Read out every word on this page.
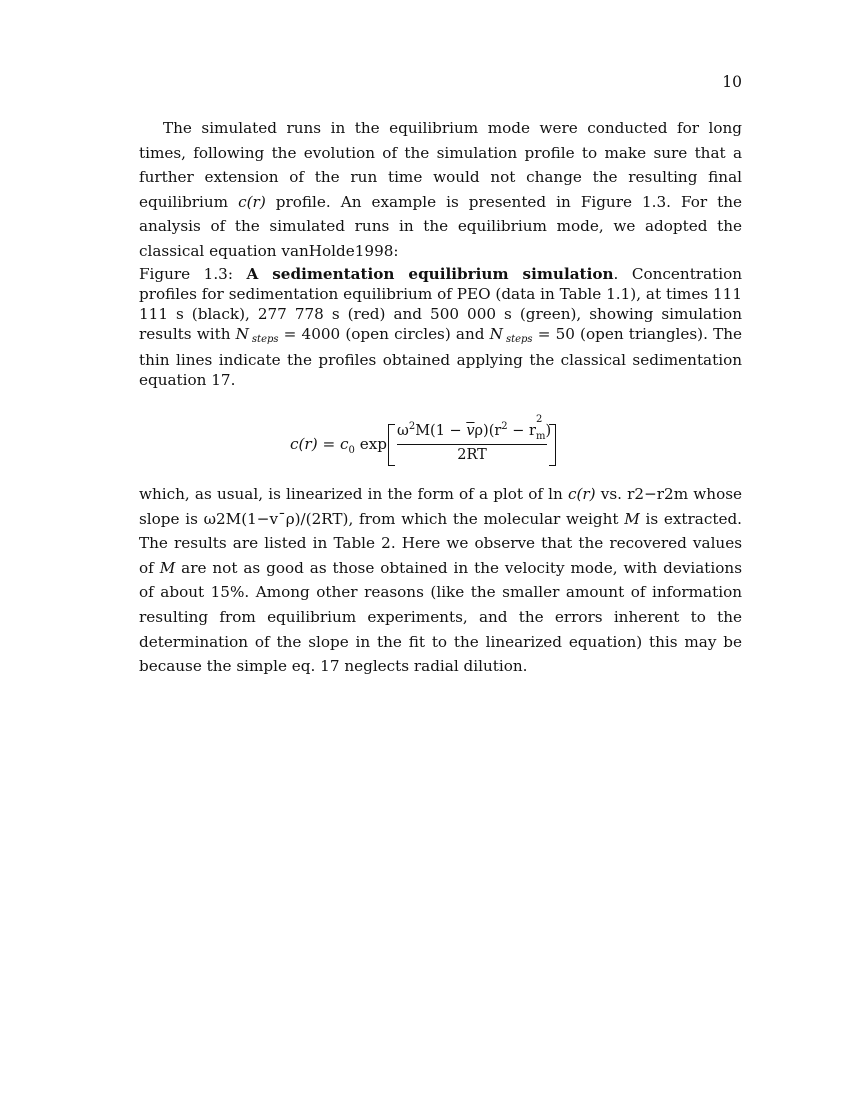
10

The simulated runs in the equilibrium mode were conducted for long times, following the evolution of the simulation profile to make sure that a further extension of the run time would not change the resulting final equilibrium c(r) profile. An example is presented in Figure 1.3. For the analysis of the simulated runs in the equilibrium mode, we adopted the classical equation vanHolde1998:

Figure 1.3: A sedimentation equilibrium simulation. Concentration profiles for sedimentation equilibrium of PEO (data in Table 1.1), at times 111 111 s (black), 277 778 s (red) and 500 000 s (green), showing simulation results with N $_{steps}$ = 4000 (open circles) and N $_{steps}$ = 50 (open triangles). The thin lines indicate the profiles obtained applying the classical sedimentation equation 17.

$c(r) = c_0$ $\exp \omega^2M(1 - \overline{v}\rho)(r^2 - r$
2
$_m$)
2RT

which, as usual, is linearized in the form of a plot of ln c(r) vs. r2−r2m whose slope is ω2M(1−v¯ρ)/(2RT), from which the molecular weight M is extracted. The results are listed in Table 2. Here we observe that the recovered values of M are not as good as those obtained in the velocity mode, with deviations of about 15%. Among other reasons (like the smaller amount of information resulting from equilibrium experiments, and the errors inherent to the determination of the slope in the fit to the linearized equation) this may be because the simple eq. 17 neglects radial dilution.
